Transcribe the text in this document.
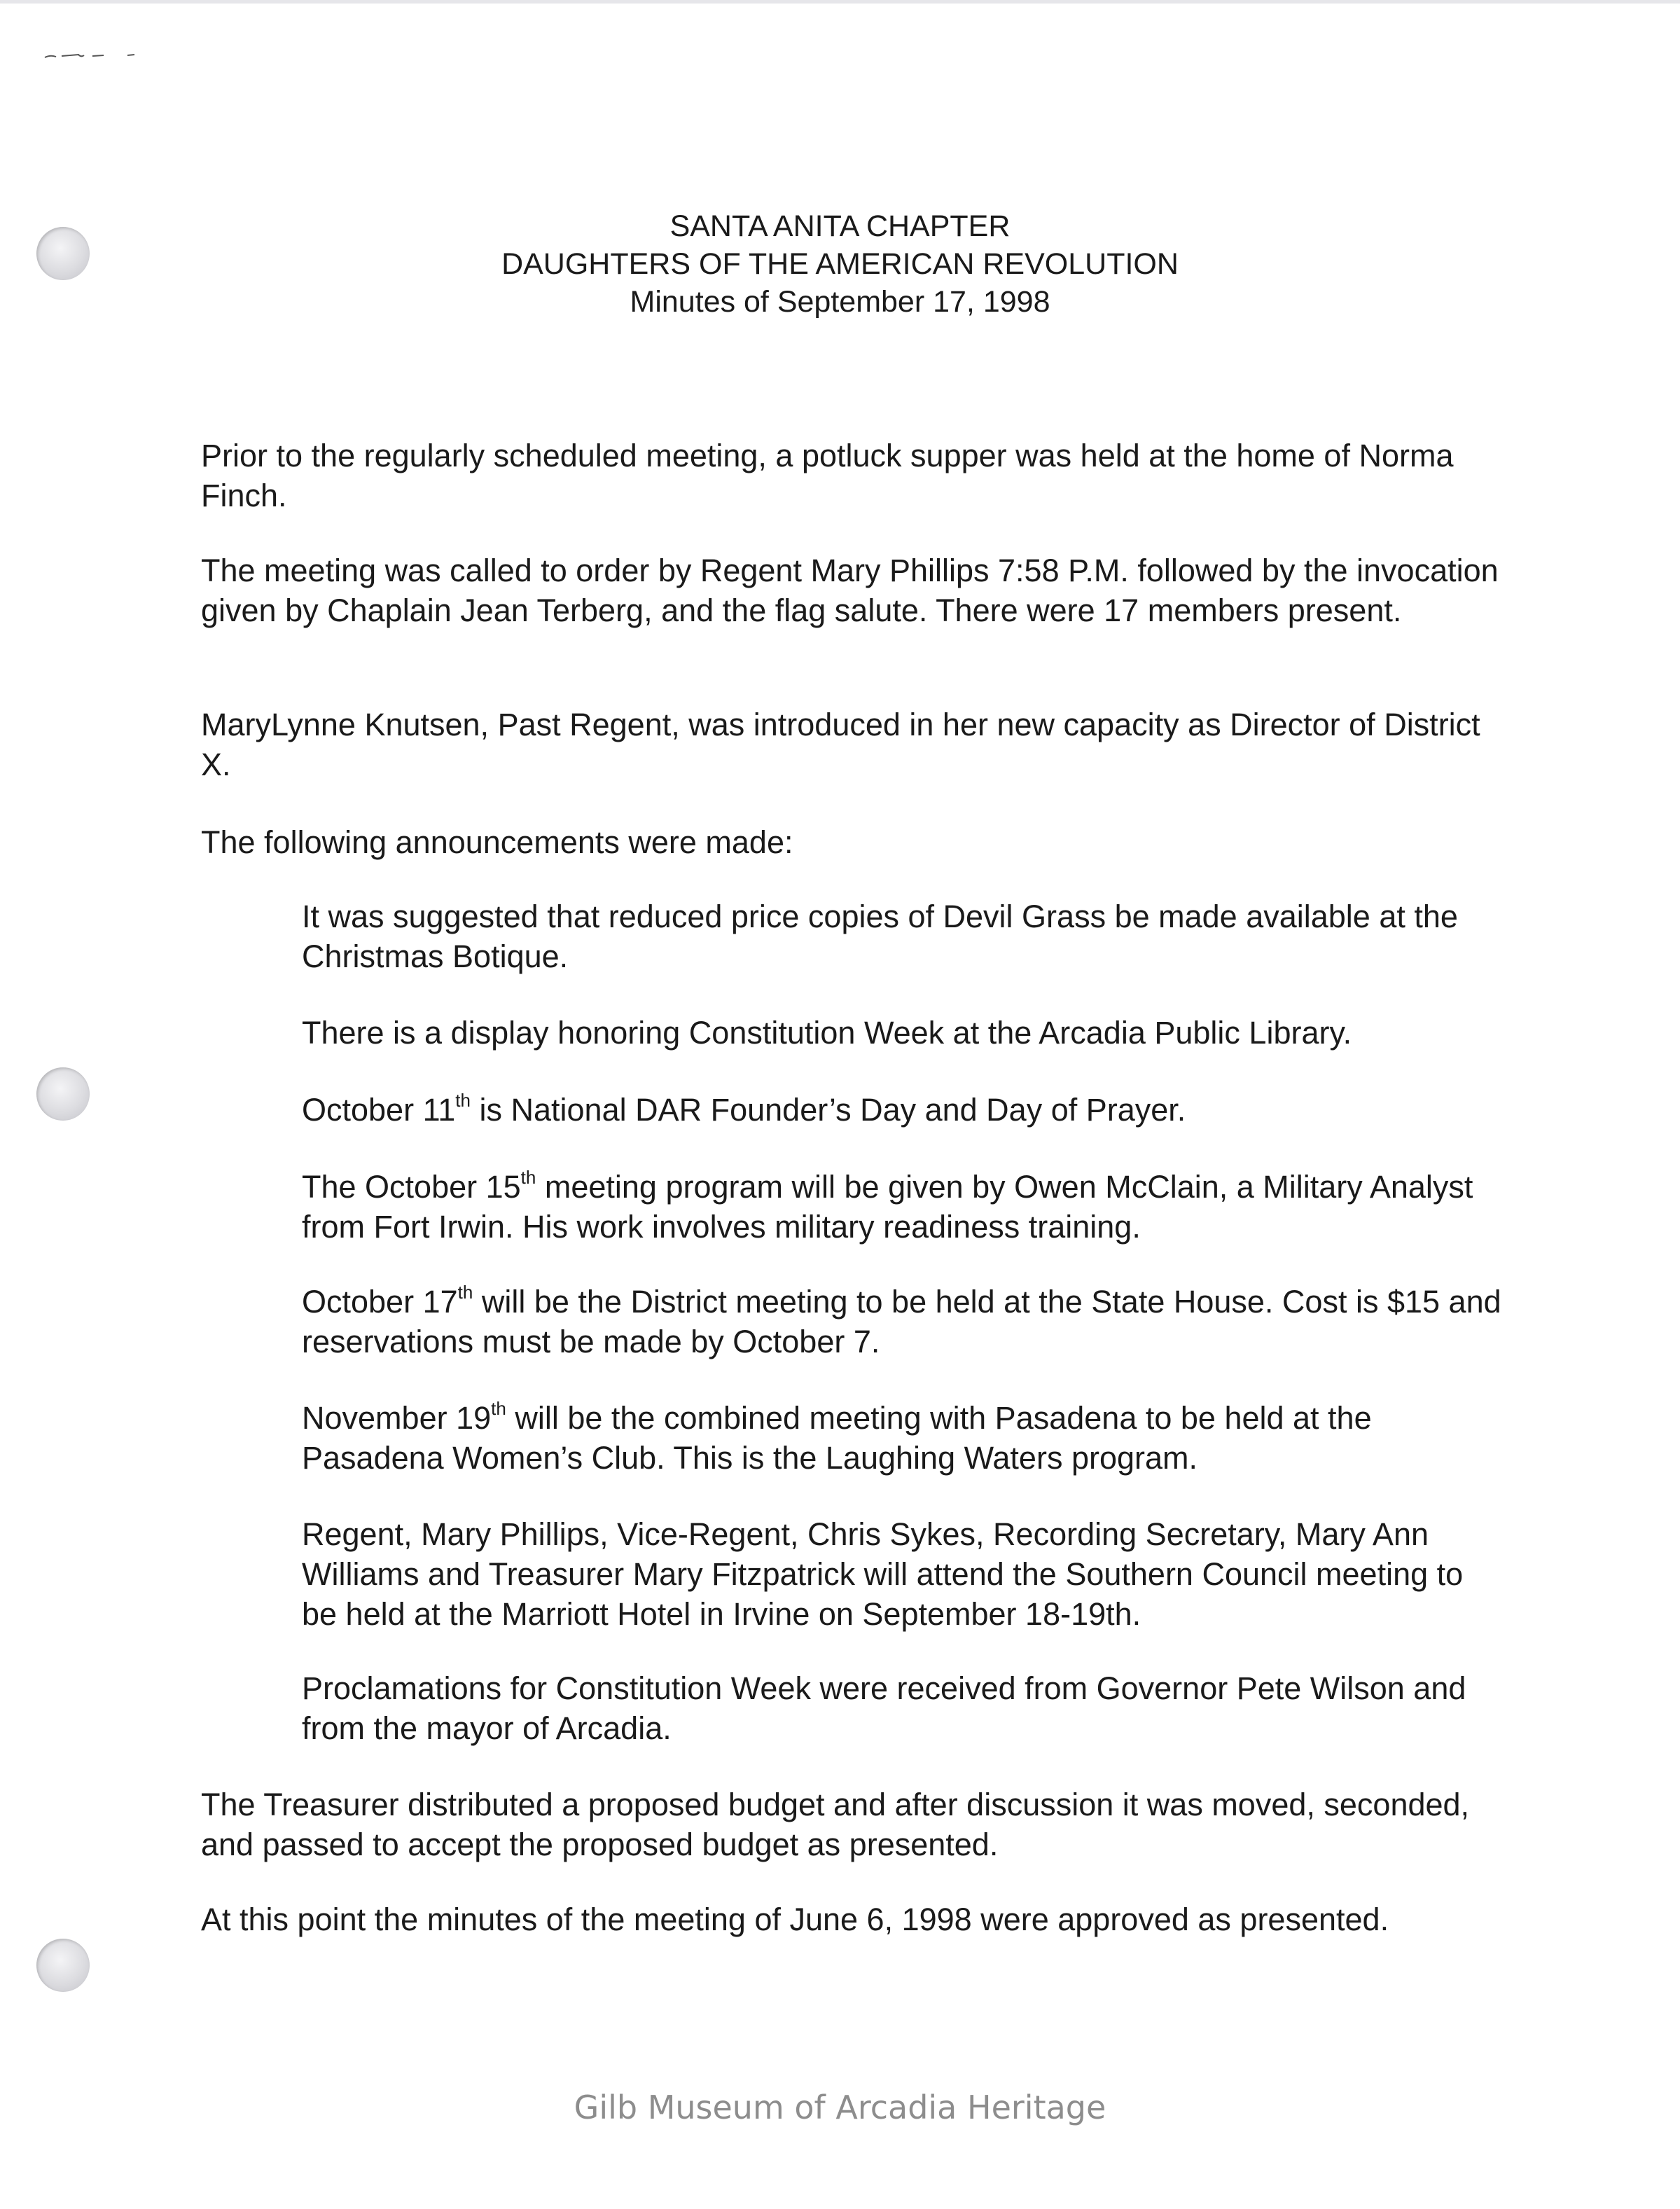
SANTA ANITA CHAPTER
DAUGHTERS OF THE AMERICAN REVOLUTION
Minutes of September 17, 1998

Prior to the regularly scheduled meeting, a potluck supper was held at the home of Norma Finch.

The meeting was called to order by Regent Mary Phillips 7:58 P.M. followed by the invocation given by Chaplain Jean Terberg, and the flag salute. There were 17 members present.

MaryLynne Knutsen, Past Regent, was introduced in her new capacity as Director of District X.

The following announcements were made:

It was suggested that reduced price copies of Devil Grass be made available at the Christmas Botique.

There is a display honoring Constitution Week at the Arcadia Public Library.

October 11th is National DAR Founder’s Day and Day of Prayer.

The October 15th meeting program will be given by Owen McClain, a Military Analyst from Fort Irwin. His work involves military readiness training.

October 17th will be the District meeting to be held at the State House. Cost is $15 and reservations must be made by October 7.

November 19th will be the combined meeting with Pasadena to be held at the Pasadena Women’s Club. This is the Laughing Waters program.

Regent, Mary Phillips, Vice-Regent, Chris Sykes, Recording Secretary, Mary Ann Williams and Treasurer Mary Fitzpatrick will attend the Southern Council meeting to be held at the Marriott Hotel in Irvine on September 18-19th.

Proclamations for Constitution Week were received from Governor Pete Wilson and from the mayor of Arcadia.

The Treasurer distributed a proposed budget and after discussion it was moved, seconded, and passed to accept the proposed budget as presented.

At this point the minutes of the meeting of June 6, 1998 were approved as presented.

Gilb Museum of Arcadia Heritage
